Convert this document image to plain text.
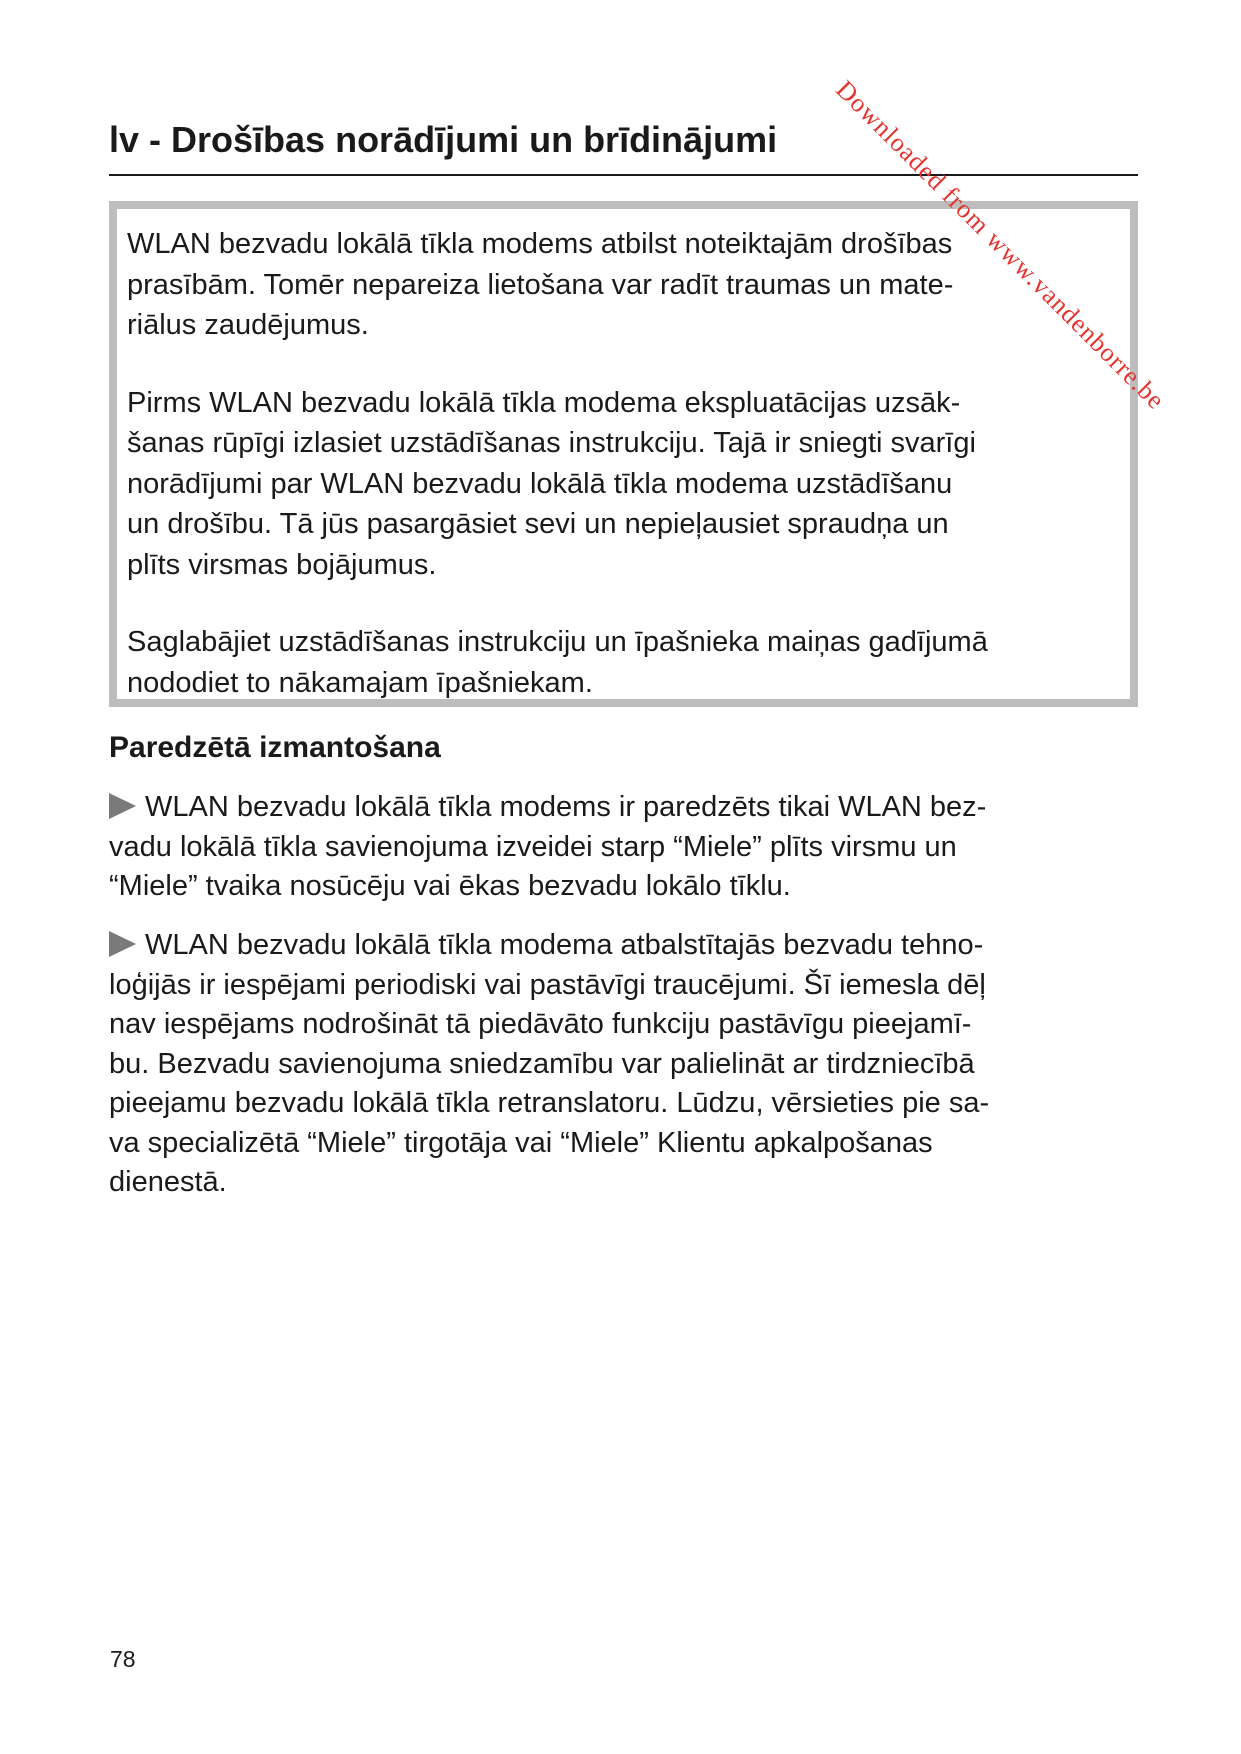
lv - Drošības norādījumi un brīdinājumi

WLAN bezvadu lokālā tīkla modems atbilst noteiktajām drošības
prasībām. Tomēr nepareiza lietošana var radīt traumas un mate-
riālus zaudējumus.

Pirms WLAN bezvadu lokālā tīkla modema ekspluatācijas uzsāk-
šanas rūpīgi izlasiet uzstādīšanas instrukciju. Tajā ir sniegti svarīgi
norādījumi par WLAN bezvadu lokālā tīkla modema uzstādīšanu
un drošību. Tā jūs pasargāsiet sevi un nepieļausiet spraudņa un
plīts virsmas bojājumus.

Saglabājiet uzstādīšanas instrukciju un īpašnieka maiņas gadījumā
nododiet to nākamajam īpašniekam.

Paredzētā izmantošana
WLAN bezvadu lokālā tīkla modems ir paredzēts tikai WLAN bez-
vadu lokālā tīkla savienojuma izveidei starp “Miele” plīts virsmu un
“Miele” tvaika nosūcēju vai ēkas bezvadu lokālo tīklu.
WLAN bezvadu lokālā tīkla modema atbalstītajās bezvadu tehno-
loģijās ir iespējami periodiski vai pastāvīgi traucējumi. Šī iemesla dēļ
nav iespējams nodrošināt tā piedāvāto funkciju pastāvīgu pieejamī-
bu. Bezvadu savienojuma sniedzamību var palielināt ar tirdzniecībā
pieejamu bezvadu lokālā tīkla retranslatoru. Lūdzu, vērsieties pie sa-
va specializētā “Miele” tirgotāja vai “Miele” Klientu apkalpošanas
dienestā.
78
Downloaded from www.vandenborre.be
